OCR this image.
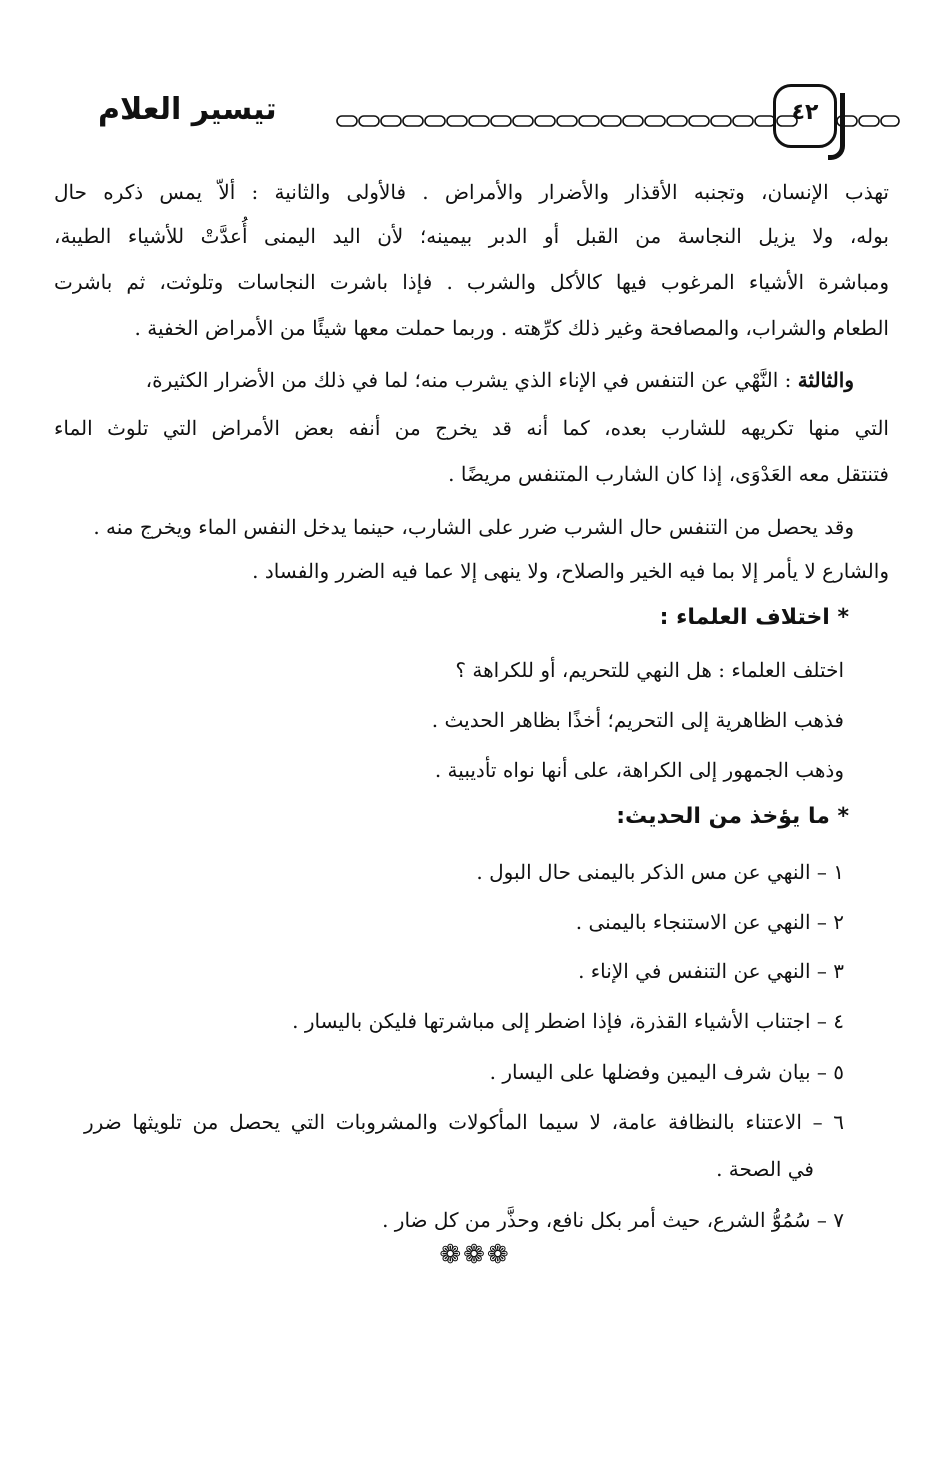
تيسير العلام	٤٢
تهذب الإنسان، وتجنبه الأقذار والأضرار والأمراض . فالأولى والثانية : ألاّ يمس ذكره حال
بوله، ولا يزيل النجاسة من القبل أو الدبر بيمينه؛ لأن اليد اليمنى أُعدَّتْ للأشياء الطيبة،
ومباشرة الأشياء المرغوب فيها كالأكل والشرب . فإذا باشرت النجاسات وتلوثت، ثم باشرت
الطعام والشراب، والمصافحة وغير ذلك كرِّهته . وربما حملت معها شيئًا من الأمراض الخفية .
والثالثة : النَّهْي عن التنفس في الإناء الذي يشرب منه؛ لما في ذلك من الأضرار الكثيرة،
التي منها تكريهه للشارب بعده، كما أنه قد يخرج من أنفه بعض الأمراض التي تلوث الماء
فتنتقل معه العَدْوَى، إذا كان الشارب المتنفس مريضًا .
وقد يحصل من التنفس حال الشرب ضرر على الشارب، حينما يدخل النفس الماء ويخرج منه .
والشارع لا يأمر إلا بما فيه الخير والصلاح، ولا ينهى إلا عما فيه الضرر والفساد .
* اختلاف العلماء :
اختلف العلماء : هل النهي للتحريم، أو للكراهة ؟
فذهب الظاهرية إلى التحريم؛ أخذًا بظاهر الحديث .
وذهب الجمهور إلى الكراهة، على أنها نواه تأديبية .
* ما يؤخذ من الحديث:
١ – النهي عن مس الذكر باليمنى حال البول .
٢ – النهي عن الاستنجاء باليمنى .
٣ – النهي عن التنفس في الإناء .
٤ – اجتناب الأشياء القذرة، فإذا اضطر إلى مباشرتها فليكن باليسار .
٥ – بيان شرف اليمين وفضلها على اليسار .
٦ – الاعتناء بالنظافة عامة، لا سيما المأكولات والمشروبات التي يحصل من تلويثها ضرر
في الصحة .
٧ – سُمُوُّ الشرع، حيث أمر بكل نافع، وحذَّر من كل ضار .
❁❁❁
